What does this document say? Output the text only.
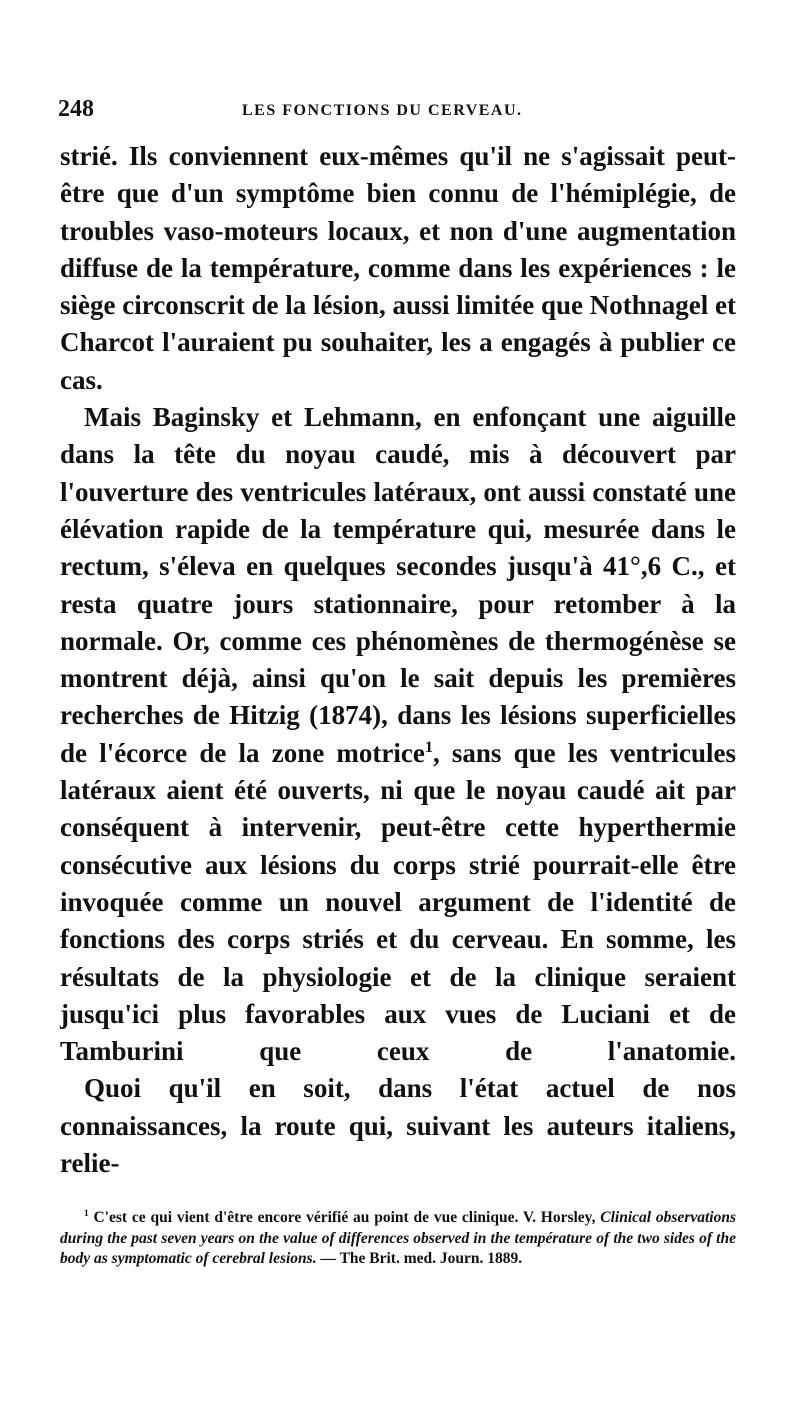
248	LES FONCTIONS DU CERVEAU.

strié. Ils conviennent eux-mêmes qu'il ne s'agissait peut-être que d'un symptôme bien connu de l'hémiplégie, de troubles vaso-moteurs locaux, et non d'une augmentation diffuse de la température, comme dans les expériences : le siège circonscrit de la lésion, aussi limitée que Nothnagel et Charcot l'auraient pu souhaiter, les a engagés à publier ce cas.

Mais Baginsky et Lehmann, en enfonçant une aiguille dans la tête du noyau caudé, mis à découvert par l'ouverture des ventricules latéraux, ont aussi constaté une élévation rapide de la température qui, mesurée dans le rectum, s'éleva en quelques secondes jusqu'à 41°,6 C., et resta quatre jours stationnaire, pour retomber à la normale. Or, comme ces phénomènes de thermogénèse se montrent déjà, ainsi qu'on le sait depuis les premières recherches de Hitzig (1874), dans les lésions superficielles de l'écorce de la zone motrice$^1$, sans que les ventricules latéraux aient été ouverts, ni que le noyau caudé ait par conséquent à intervenir, peut-être cette hyperthermie consécutive aux lésions du corps strié pourrait-elle être invoquée comme un nouvel argument de l'identité de fonctions des corps striés et du cerveau. En somme, les résultats de la physiologie et de la clinique seraient jusqu'ici plus favorables aux vues de Luciani et de Tamburini que ceux de l'anatomie.

Quoi qu'il en soit, dans l'état actuel de nos connaissances, la route qui, suivant les auteurs italiens, relie-

$^1$ C'est ce qui vient d'être encore vérifié au point de vue clinique. V. Horsley, Clinical observations during the past seven years on the value of differences observed in the température of the two sides of the body as symptomatic of cerebral lesions. — The Brit. med. Journ. 1889.
